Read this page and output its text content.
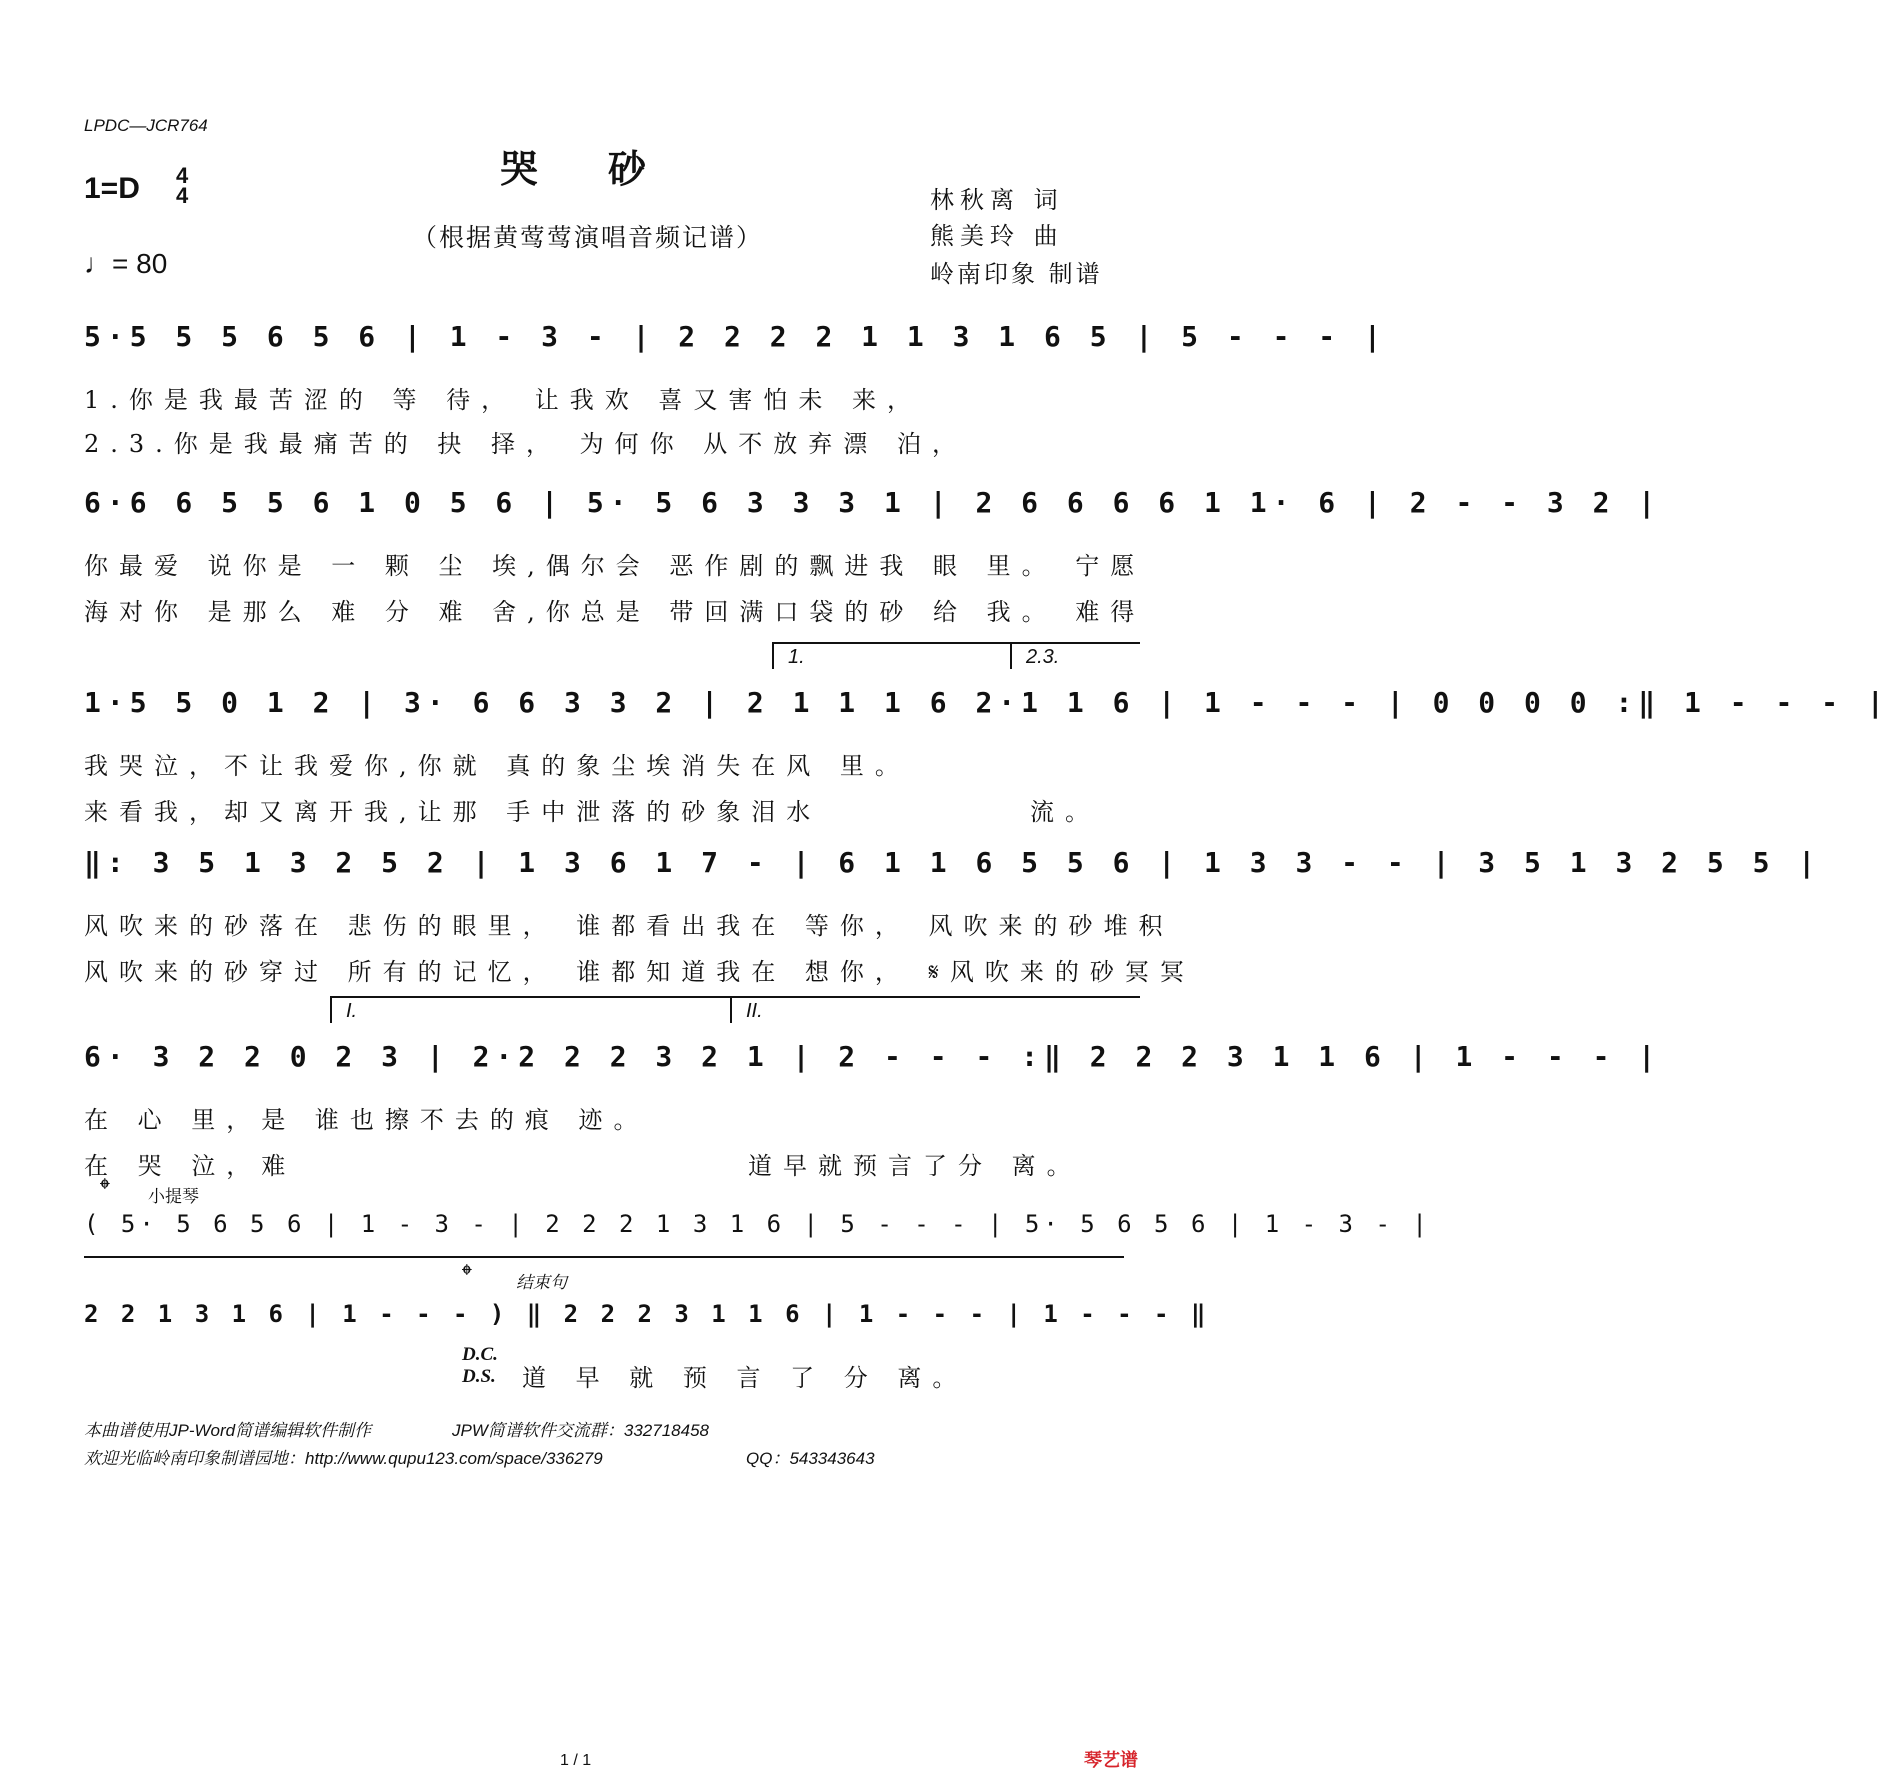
LPDC—JCR764
哭砂
（根据黄莺莺演唱音频记谱）
1=D 4
4
♩= 80
林秋离 词
熊美玲 曲
岭南印象 制谱
5·5 5 5 6 5 6 | 1 - 3 - | 2 2 2 2 1 1 3 1 6 5 | 5 - - - |
1.你是我最苦涩的 等 待， 让我欢 喜又害怕未 来，
2.3.你是我最痛苦的 抉 择， 为何你 从不放弃漂 泊，
6·6 6 5 5 6 1 0 5 6 | 5· 5 6 3 3 3 1 | 2 6 6 6 6 1 1· 6 | 2 - - 3 2 |
你最爱 说你是 一 颗 尘 埃,偶尔会 恶作剧的飘进我 眼 里。 宁愿
海对你 是那么 难 分 难 舍,你总是 带回满口袋的砂 给 我。 难得
1.	2.3.
1·5 5 0 1 2 | 3· 6 6 3 3 2 | 2 1 1 1 6 2·1 1 6 | 1 - - - | 0 0 0 0 :‖ 1 - - - |
我哭泣，不让我爱你,你就 真的象尘埃消失在风 里。
来看我，却又离开我,让那 手中泄落的砂象泪水	流。
‖: 3 5 1 3 2 5 2 | 1 3 6 1 7 - | 6 1 1 6 5 5 6 | 1 3 3 - - | 3 5 1 3 2 5 5 |
风吹来的砂落在 悲伤的眼里， 谁都看出我在 等你， 风吹来的砂堆积
风吹来的砂穿过 所有的记忆， 谁都知道我在 想你， 𝄋风吹来的砂冥冥
I.	II.
6· 3 2 2 0 2 3 | 2·2 2 2 3 2 1 | 2 - - - :‖ 2 2 2 3 1 1 6 | 1 - - - |
在 心 里，是 谁也擦不去的痕 迹。
在 哭 泣，难	道早就预言了分 离。
𝄌 小提琴
( 5· 5 6 5 6 | 1 - 3 - | 2 2 2 1 3 1 6 | 5 - - - | 5· 5 6 5 6 | 1 - 3 - |
𝄌	结束句
2 2 1 3 1 6 | 1 - - - ) ‖ 2 2 2 3 1 1 6 | 1 - - - | 1 - - - ‖
D.C.
D.S. 道 早 就 预 言 了 分 离。
本曲谱使用JP-Word简谱编辑软件制作	JPW简谱软件交流群：332718458
欢迎光临岭南印象制谱园地：http://www.qupu123.com/space/336279	QQ：543343643
1 / 1	琴艺谱
